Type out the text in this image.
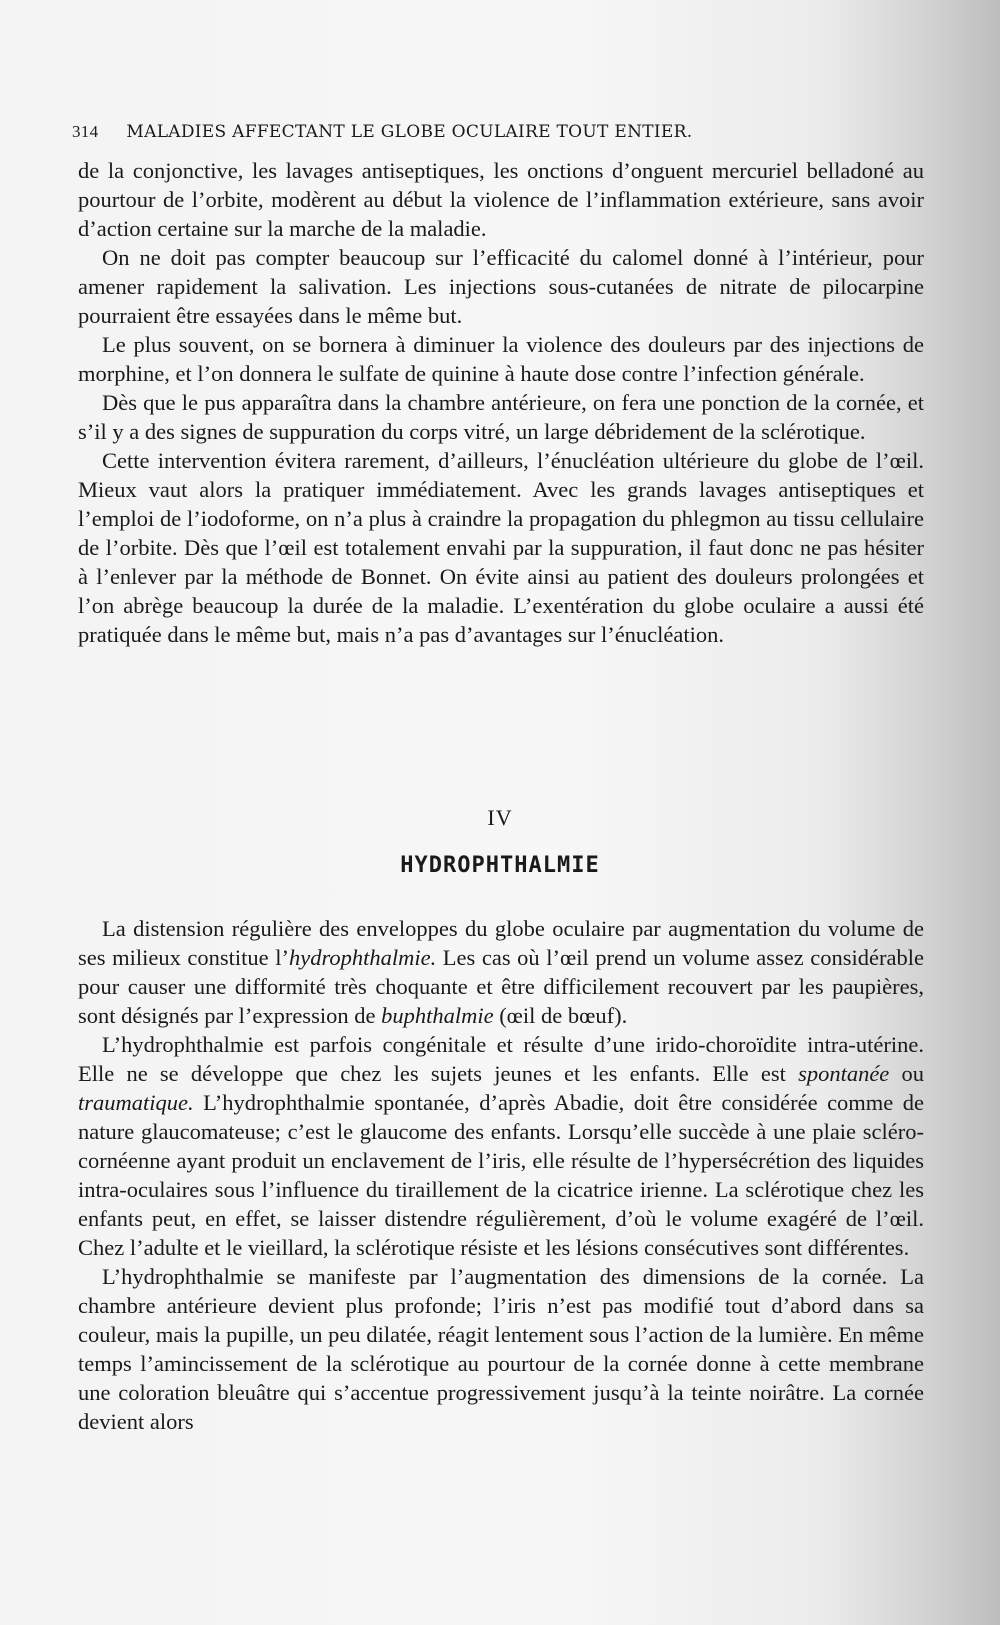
314 MALADIES AFFECTANT LE GLOBE OCULAIRE TOUT ENTIER.

de la conjonctive, les lavages antiseptiques, les onctions d’onguent mercuriel belladoné au pourtour de l’orbite, modèrent au début la violence de l’inflammation extérieure, sans avoir d’action certaine sur la marche de la maladie.

On ne doit pas compter beaucoup sur l’efficacité du calomel donné à l’intérieur, pour amener rapidement la salivation. Les injections sous-cutanées de nitrate de pilocarpine pourraient être essayées dans le même but.

Le plus souvent, on se bornera à diminuer la violence des douleurs par des injections de morphine, et l’on donnera le sulfate de quinine à haute dose contre l’infection générale.

Dès que le pus apparaîtra dans la chambre antérieure, on fera une ponction de la cornée, et s’il y a des signes de suppuration du corps vitré, un large débridement de la sclérotique.

Cette intervention évitera rarement, d’ailleurs, l’énucléation ultérieure du globe de l’œil. Mieux vaut alors la pratiquer immédiatement. Avec les grands lavages antiseptiques et l’emploi de l’iodoforme, on n’a plus à craindre la propagation du phlegmon au tissu cellulaire de l’orbite. Dès que l’œil est totalement envahi par la suppuration, il faut donc ne pas hésiter à l’enlever par la méthode de Bonnet. On évite ainsi au patient des douleurs prolongées et l’on abrège beaucoup la durée de la maladie. L’exentération du globe oculaire a aussi été pratiquée dans le même but, mais n’a pas d’avantages sur l’énucléation.

IV
HYDROPHTHALMIE

La distension régulière des enveloppes du globe oculaire par augmentation du volume de ses milieux constitue l’hydrophthalmie. Les cas où l’œil prend un volume assez considérable pour causer une difformité très choquante et être difficilement recouvert par les paupières, sont désignés par l’expression de buphthalmie (œil de bœuf).

L’hydrophthalmie est parfois congénitale et résulte d’une irido-choroïdite intra-utérine. Elle ne se développe que chez les sujets jeunes et les enfants. Elle est spontanée ou traumatique. L’hydrophthalmie spontanée, d’après Abadie, doit être considérée comme de nature glaucomateuse; c’est le glaucome des enfants. Lorsqu’elle succède à une plaie scléro-cornéenne ayant produit un enclavement de l’iris, elle résulte de l’hypersécrétion des liquides intra-oculaires sous l’influence du tiraillement de la cicatrice irienne. La sclérotique chez les enfants peut, en effet, se laisser distendre régulièrement, d’où le volume exagéré de l’œil. Chez l’adulte et le vieillard, la sclérotique résiste et les lésions consécutives sont différentes.

L’hydrophthalmie se manifeste par l’augmentation des dimensions de la cornée. La chambre antérieure devient plus profonde; l’iris n’est pas modifié tout d’abord dans sa couleur, mais la pupille, un peu dilatée, réagit lentement sous l’action de la lumière. En même temps l’amincissement de la sclérotique au pourtour de la cornée donne à cette membrane une coloration bleuâtre qui s’accentue progressivement jusqu’à la teinte noirâtre. La cornée devient alors
